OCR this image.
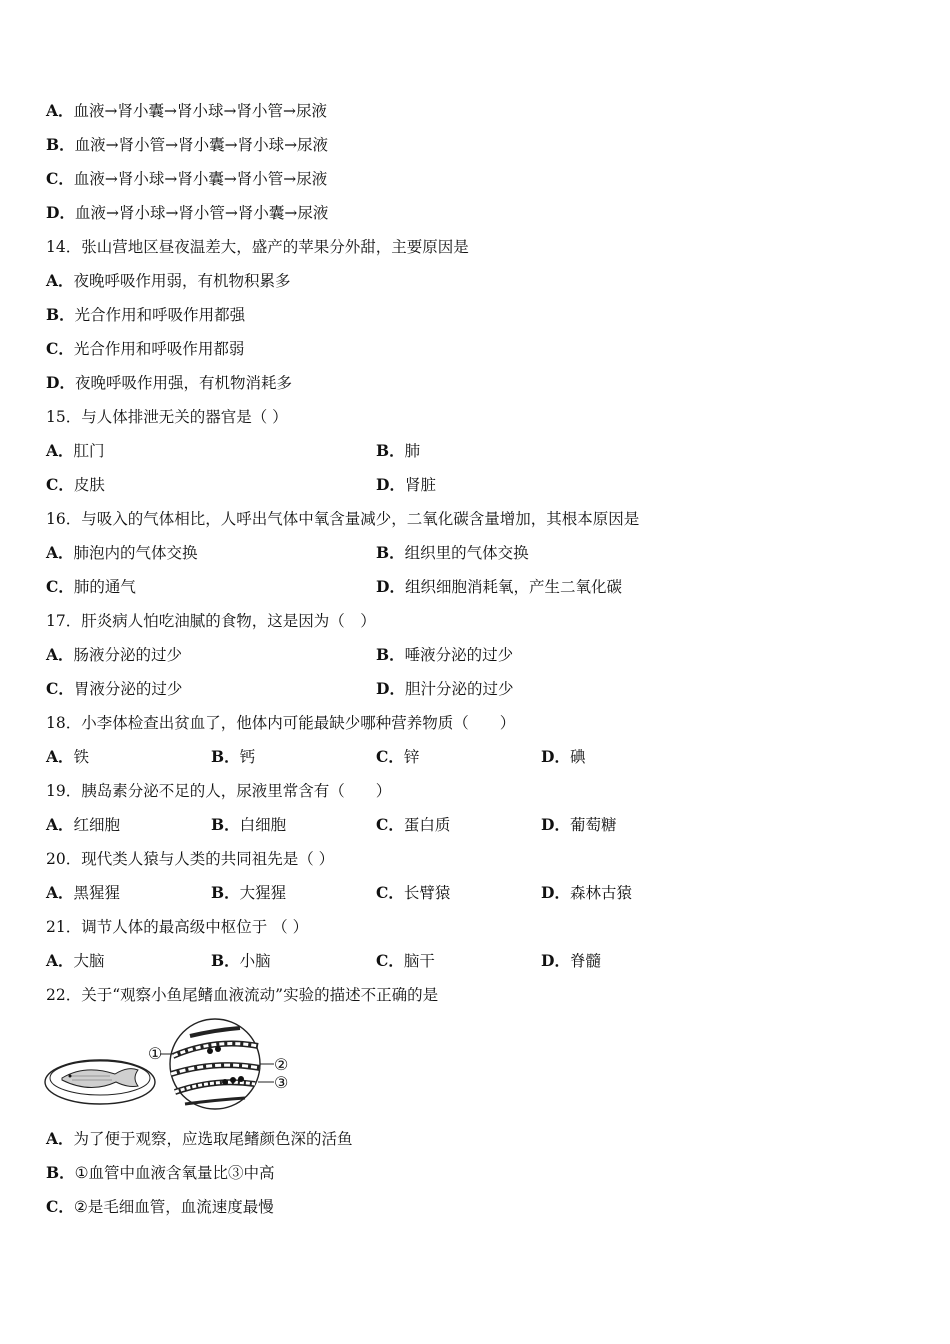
A．血液→肾小囊→肾小球→肾小管→尿液
B．血液→肾小管→肾小囊→肾小球→尿液
C．血液→肾小球→肾小囊→肾小管→尿液
D．血液→肾小球→肾小管→肾小囊→尿液
14．张山营地区昼夜温差大，盛产的苹果分外甜，主要原因是
A．夜晚呼吸作用弱，有机物积累多
B．光合作用和呼吸作用都强
C．光合作用和呼吸作用都弱
D．夜晚呼吸作用强，有机物消耗多
15．与人体排泄无关的器官是（ ）
A．肛门	B．肺
C．皮肤	D．肾脏
16．与吸入的气体相比，人呼出气体中氧含量减少，二氧化碳含量增加，其根本原因是
A．肺泡内的气体交换	B．组织里的气体交换
C．肺的通气	D．组织细胞消耗氧，产生二氧化碳
17．肝炎病人怕吃油腻的食物，这是因为（　）
A．肠液分泌的过少	B．唾液分泌的过少
C．胃液分泌的过少	D．胆汁分泌的过少
18．小李体检查出贫血了，他体内可能最缺少哪种营养物质（　　）
A．铁	B．钙	C．锌	D．碘
19．胰岛素分泌不足的人，尿液里常含有（　　）
A．红细胞	B．白细胞	C．蛋白质	D．葡萄糖
20．现代类人猿与人类的共同祖先是（ ）
A．黑猩猩	B．大猩猩	C．长臂猿	D．森林古猿
21．调节人体的最高级中枢位于 （ ）
A．大脑	B．小脑	C．脑干	D．脊髓
22．关于“观察小鱼尾鳍血液流动”实验的描述不正确的是
①
②
③
A．为了便于观察，应选取尾鳍颜色深的活鱼
B．①血管中血液含氧量比③中高
C．②是毛细血管，血流速度最慢
